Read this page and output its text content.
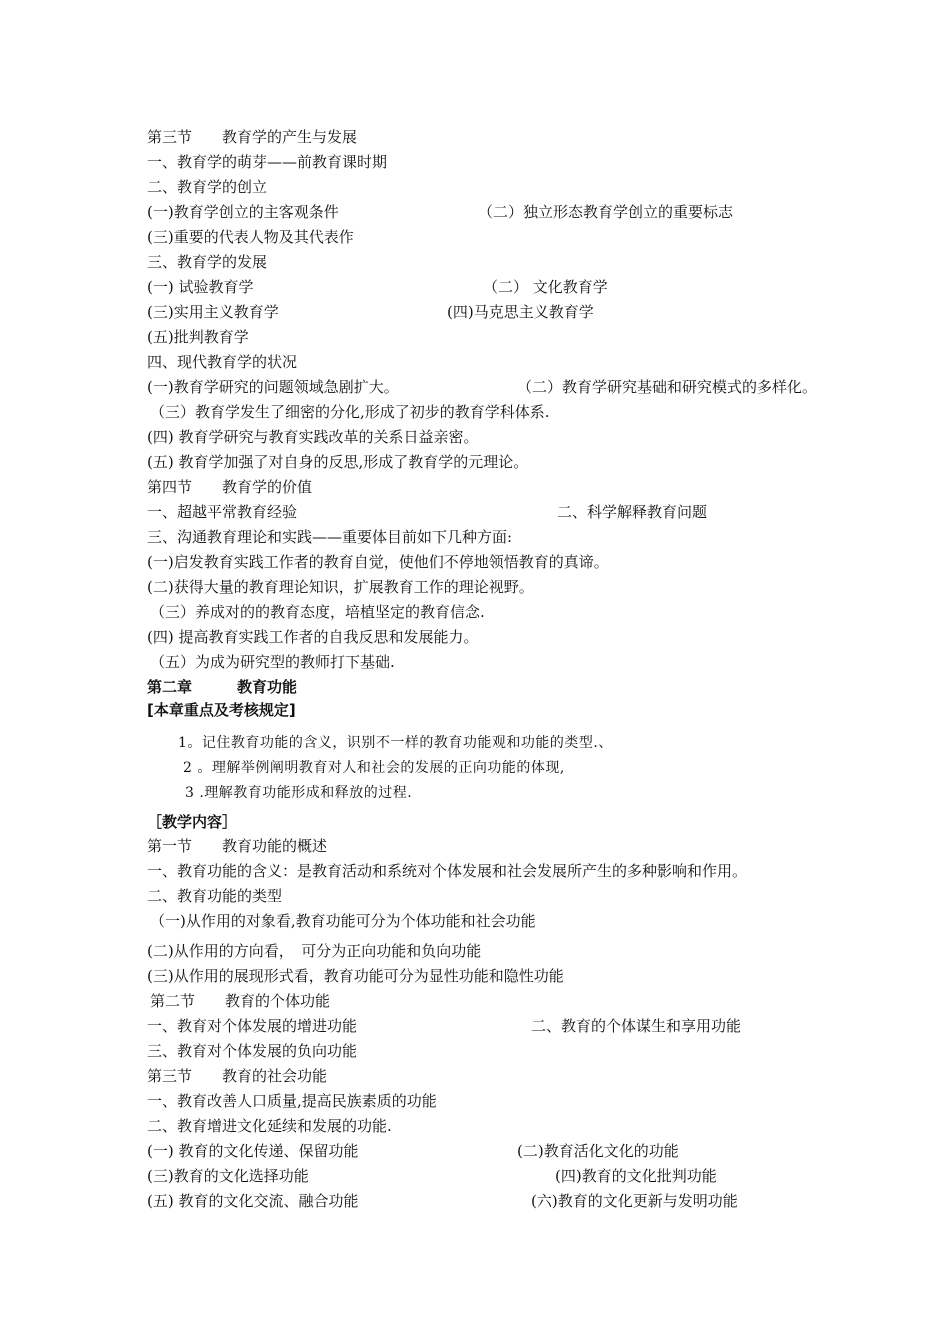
第三节　　教育学的产生与发展
一、教育学的萌芽——前教育课时期
二、教育学的创立
(一)教育学创立的主客观条件	（二）独立形态教育学创立的重要标志
(三)重要的代表人物及其代表作
三、教育学的发展
(一) 试验教育学	（二） 文化教育学
(三)实用主义教育学	(四)马克思主义教育学
(五)批判教育学
四、现代教育学的状况
(一)教育学研究的问题领域急剧扩大。	（二）教育学研究基础和研究模式的多样化。
（三）教育学发生了细密的分化,形成了初步的教育学科体系.
(四) 教育学研究与教育实践改革的关系日益亲密。
(五) 教育学加强了对自身的反思,形成了教育学的元理论。
第四节　　教育学的价值
一、超越平常教育经验	二、科学解释教育问题
三、沟通教育理论和实践——重要体目前如下几种方面:
(一)启发教育实践工作者的教育自觉，使他们不停地领悟教育的真谛。
(二)获得大量的教育理论知识，扩展教育工作的理论视野。
（三）养成对的的教育态度，培植坚定的教育信念.
(四) 提高教育实践工作者的自我反思和发展能力。
（五）为成为研究型的教师打下基础.
第二章　　　教育功能
[本章重点及考核规定]
1。记住教育功能的含义，识别不一样的教育功能观和功能的类型.、
2 。理解举例阐明教育对人和社会的发展的正向功能的体现,
3 .理解教育功能形成和释放的过程.
［教学内容］
第一节　　教育功能的概述
一、教育功能的含义：是教育活动和系统对个体发展和社会发展所产生的多种影响和作用。
二、教育功能的类型
（一)从作用的对象看,教育功能可分为个体功能和社会功能
(二)从作用的方向看，　可分为正向功能和负向功能
(三)从作用的展现形式看，教育功能可分为显性功能和隐性功能
第二节　　教育的个体功能
一、教育对个体发展的增进功能	二、教育的个体谋生和享用功能
三、教育对个体发展的负向功能
第三节　　教育的社会功能
一、教育改善人口质量,提高民族素质的功能
二、教育增进文化延续和发展的功能.
(一) 教育的文化传递、保留功能	(二)教育活化文化的功能
(三)教育的文化选择功能	(四)教育的文化批判功能
(五) 教育的文化交流、融合功能	(六)教育的文化更新与发明功能
